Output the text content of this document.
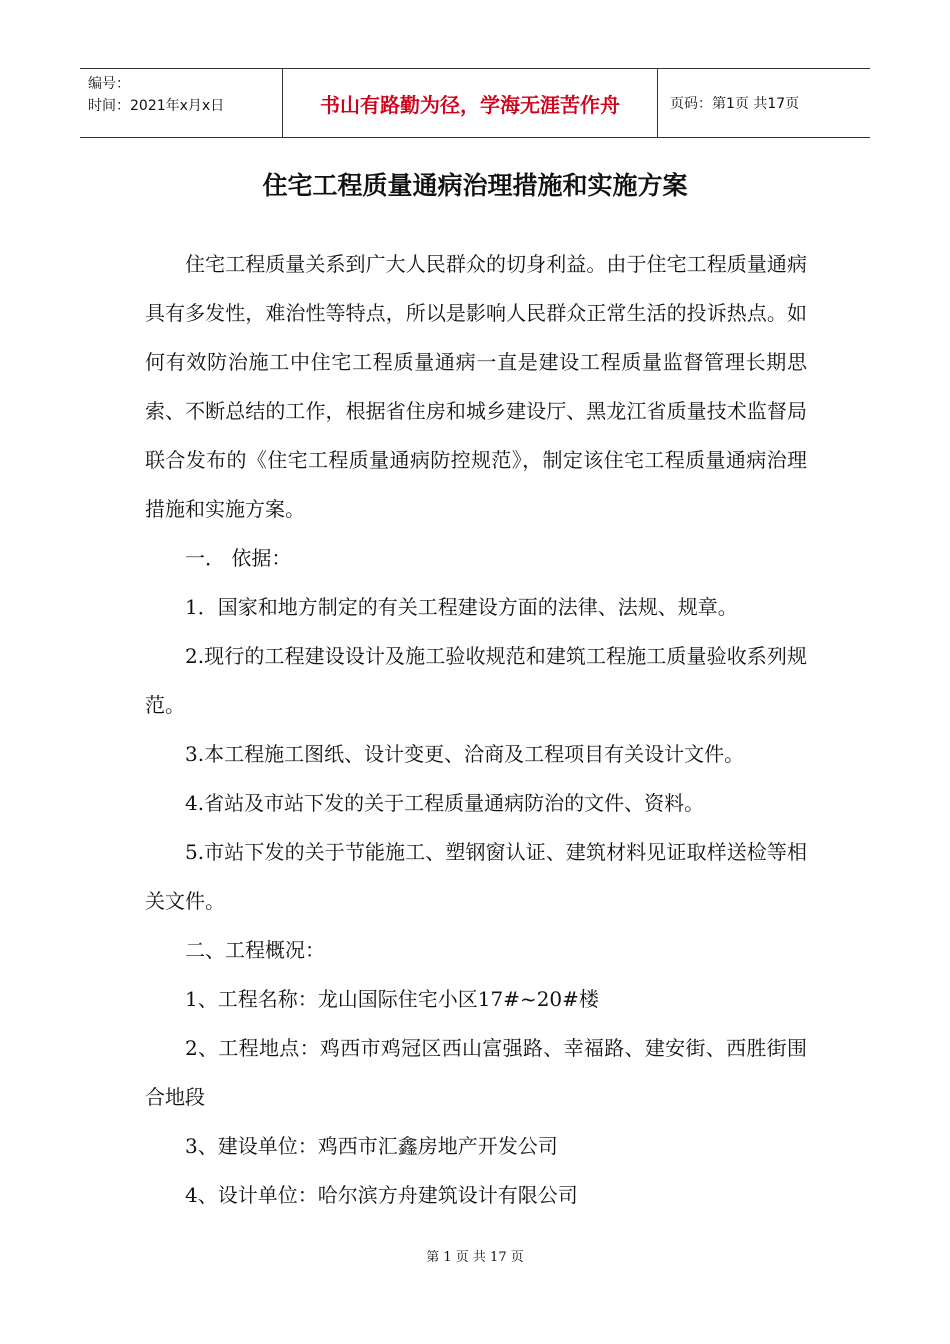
编号：
时间：2021年x月x日	书山有路勤为径，学海无涯苦作舟	页码：第1页 共17页
住宅工程质量通病治理措施和实施方案

住宅工程质量关系到广大人民群众的切身利益。由于住宅工程质量通病具有多发性，难治性等特点，所以是影响人民群众正常生活的投诉热点。如何有效防治施工中住宅工程质量通病一直是建设工程质量监督管理长期思索、不断总结的工作，根据省住房和城乡建设厅、黑龙江省质量技术监督局联合发布的《住宅工程质量通病防控规范》，制定该住宅工程质量通病治理措施和实施方案。

一． 依据：

1．国家和地方制定的有关工程建设方面的法律、法规、规章。

2.现行的工程建设设计及施工验收规范和建筑工程施工质量验收系列规范。

3.本工程施工图纸、设计变更、洽商及工程项目有关设计文件。

4.省站及市站下发的关于工程质量通病防治的文件、资料。

5.市站下发的关于节能施工、塑钢窗认证、建筑材料见证取样送检等相关文件。

二、工程概况：

1、工程名称：龙山国际住宅小区17#~20#楼

2、工程地点：鸡西市鸡冠区西山富强路、幸福路、建安街、西胜街围合地段

3、建设单位：鸡西市汇鑫房地产开发公司

4、设计单位：哈尔滨方舟建筑设计有限公司

第 1 页 共 17 页
